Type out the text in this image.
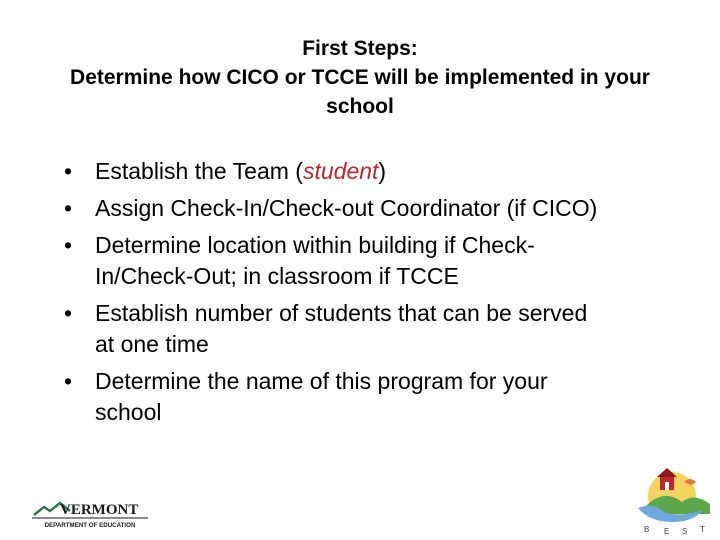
First Steps:
Determine how CICO or TCCE will be implemented in your
school
• Establish the Team (student)
• Assign Check-In/Check-out Coordinator (if CICO)
• Determine location within building if Check-
In/Check-Out; in classroom if TCCE
• Establish number of students that can be served
at one time
• Determine the name of this program for your
school
VERMONT
DEPARTMENT OF EDUCATION	B E S T
